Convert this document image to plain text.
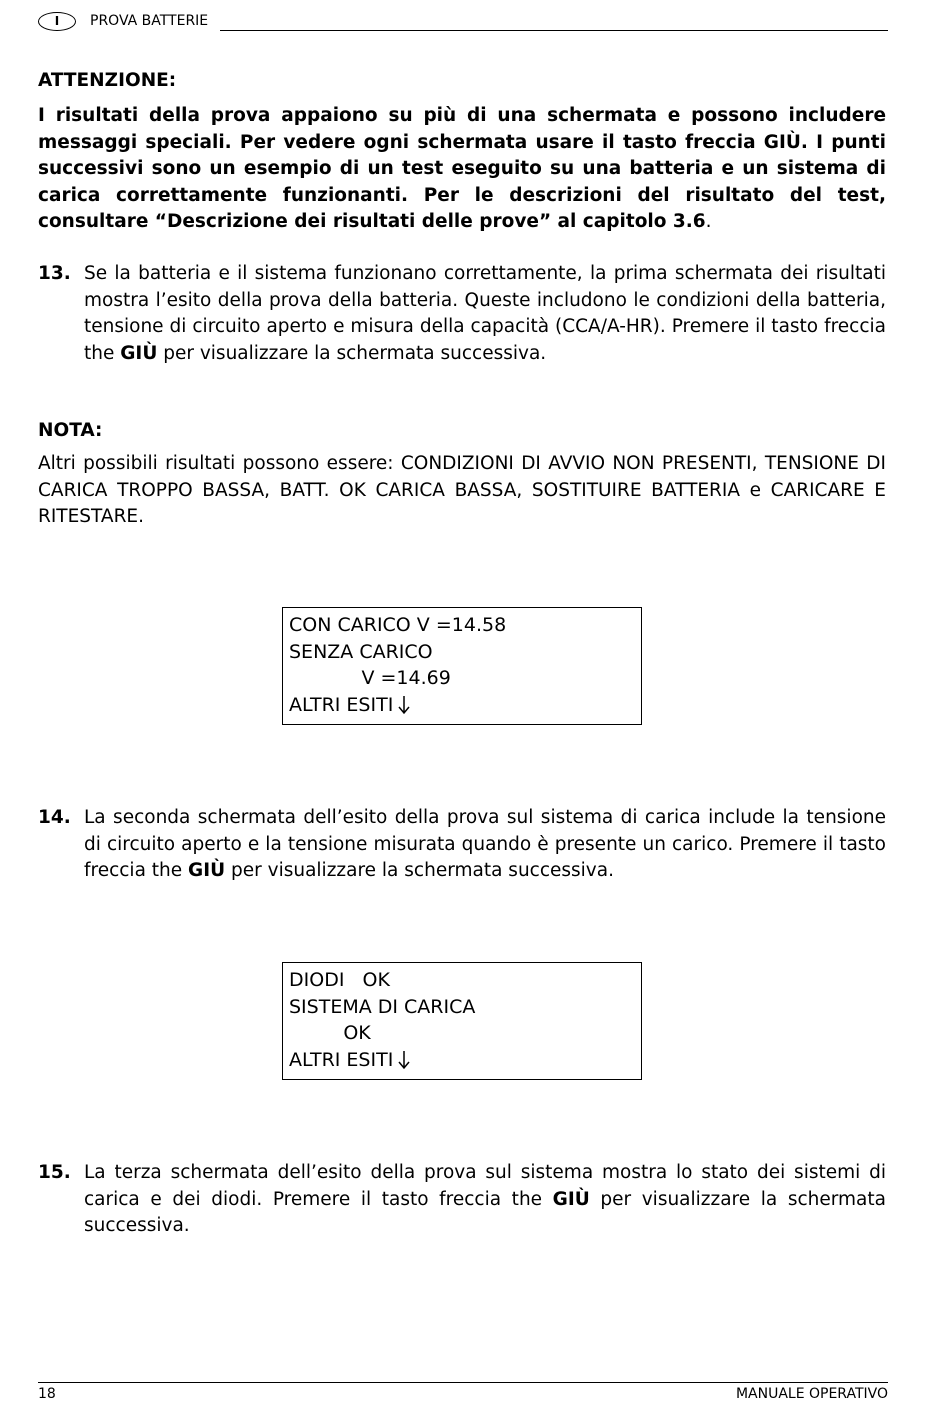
I	PROVA BATTERIE
ATTENZIONE:
I risultati della prova appaiono su più di una schermata e possono includere messaggi speciali. Per vedere ogni schermata usare il tasto freccia GIÙ. I punti successivi sono un esempio di un test eseguito su una batteria e un sistema di carica correttamente funzionanti. Per le descrizioni del risultato del test, consultare “Descrizione dei risultati delle prove” al capitolo 3.6.
13. Se la batteria e il sistema funzionano correttamente, la prima schermata dei risultati mostra l’esito della prova della batteria. Queste includono le condizioni della batteria, tensione di circuito aperto e misura della capacità (CCA/A-HR). Premere il tasto freccia the GIÙ per visualizzare la schermata successiva.
NOTA:
Altri possibili risultati possono essere: CONDIZIONI DI AVVIO NON PRESENTI, TENSIONE DI CARICA TROPPO BASSA, BATT. OK CARICA BASSA, SOSTITUIRE BATTERIA e CARICARE E RITESTARE.
CON CARICO V =14.58
SENZA CARICO
V =14.69
ALTRI ESITI
14. La seconda schermata dell’esito della prova sul sistema di carica include la tensione di circuito aperto e la tensione misurata quando è presente un carico. Premere il tasto freccia the GIÙ per visualizzare la schermata successiva.
DIODI   OK
SISTEMA DI CARICA
OK
ALTRI ESITI
15. La terza schermata dell’esito della prova sul sistema mostra lo stato dei sistemi di carica e dei diodi. Premere il tasto freccia the GIÙ per visualizzare la schermata successiva.
18	MANUALE OPERATIVO
